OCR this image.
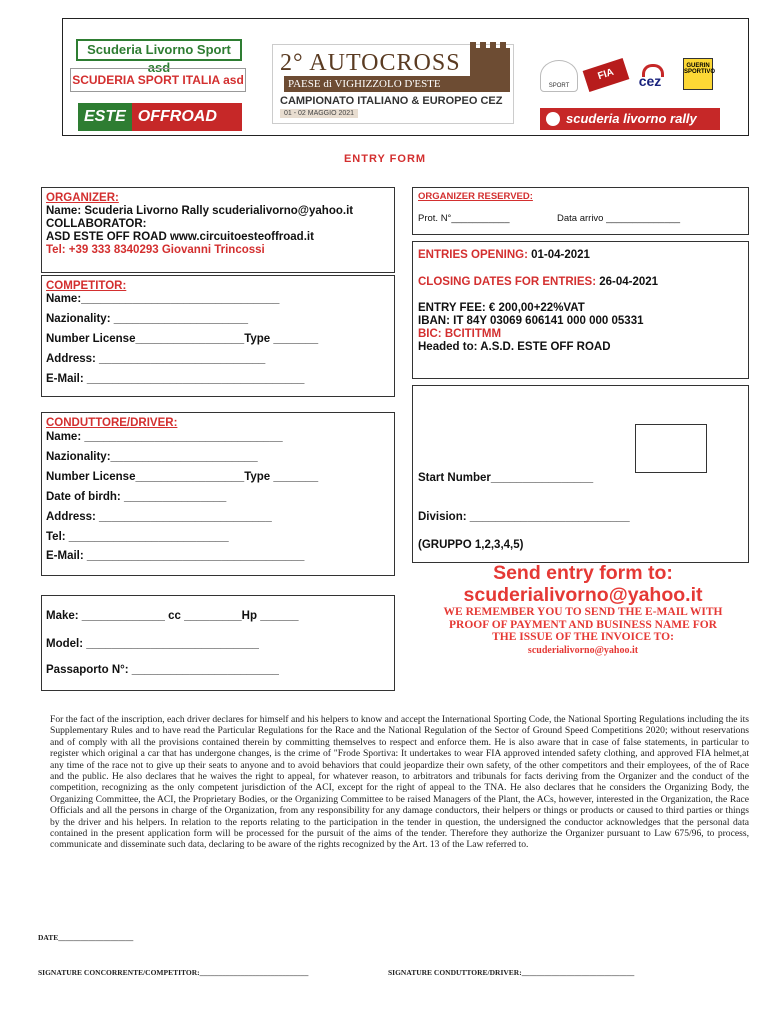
Scuderia Livorno Sport asd
SCUDERIA SPORT ITALIA asd
ESTE OFFROAD
2° AUTOCROSS
PAESE di VIGHIZZOLO D'ESTE
CAMPIONATO ITALIANO & EUROPEO CEZ
01 - 02 MAGGIO 2021
SPORT
FIA	cez
GUERIN SPORTIVO
scuderia livorno rally
ENTRY FORM
ORGANIZER:
Name: Scuderia Livorno Rally scuderialivorno@yahoo.it
COLLABORATOR:
ASD ESTE OFF ROAD www.circuitoesteoffroad.it
Tel: +39 333 8340293 Giovanni Trincossi
ORGANIZER RESERVED:
Prot. N°___________	Data arrivo ______________
ENTRIES OPENING: 01-04-2021
CLOSING DATES FOR ENTRIES: 26-04-2021
ENTRY FEE: € 200,00+22%VAT
IBAN: IT 84Y 03069 606141 000 000 05331
BIC: BCITITMM
Headed to: A.S.D. ESTE OFF ROAD
COMPETITOR:
Name:_______________________________
Nazionality: _____________________
Number License_________________Type _______
Address: __________________________
E-Mail: __________________________________
CONDUTTORE/DRIVER:
Name: _______________________________
Nazionality:_______________________
Number License_________________Type _______
Date of birdh: ________________
Address: ___________________________
Tel: _________________________
E-Mail: __________________________________
Start Number________________
Division: _________________________
(GRUPPO 1,2,3,4,5)
Make: _____________ cc _________Hp ______
Model: ___________________________
Passaporto N°: _______________________
Send entry form to:
scuderialivorno@yahoo.it
WE REMEMBER YOU TO SEND THE E-MAIL WITH
PROOF OF PAYMENT AND BUSINESS NAME FOR
THE ISSUE OF THE INVOICE TO:
scuderialivorno@yahoo.it
For the fact of the inscription, each driver declares for himself and his helpers to know and accept the International Sporting Code, the National Sporting Regulations including the its Supplementary Rules and to have read the Particular Regulations for the Race and the National Regulation of the Sector of Ground Speed Competitions 2020; without reservations and of comply with all the provisions contained therein by committing themselves to respect and enforce them. He is also aware that in case of false statements, in particular to register which original a car that has undergone changes, is the crime of "Frode Sportiva: It undertakes to wear FIA approved intended safety clothing, and approved FIA helmet,at any time of the race not to give up their seats to anyone and to avoid behaviors that could jeopardize their own safety, of the other competitors and their employees, of the of Race and the public. He also declares that he waives the right to appeal, for whatever reason, to arbitrators and tribunals for facts deriving from the Organizer and the conduct of the competition, recognizing as the only competent jurisdiction of the ACI, except for the right of appeal to the TNA. He also declares that he considers the Organizing Body, the Organizing Committee, the ACI, the Proprietary Bodies, or the Organizing Committee to be raised Managers of the Plant, the ACs, however, interested in the Organization, the Race Officials and all the persons in charge of the Organization, from any responsibility for any damage conductors, their helpers or things or products or caused to third parties or things by the driver and his helpers. In relation to the reports relating to the participation in the tender in question, the undersigned the conductor acknowledges that the personal data contained in the present application form will be processed for the pursuit of the aims of the tender. Therefore they authorize the Organizer pursuant to Law 675/96, to process, communicate and disseminate such data, declaring to be aware of the rights recognized by the Art. 13 of the Law referred to.
DATE____________________
SIGNATURE CONCORRENTE/COMPETITOR:_____________________________	SIGNATURE CONDUTTORE/DRIVER:______________________________
